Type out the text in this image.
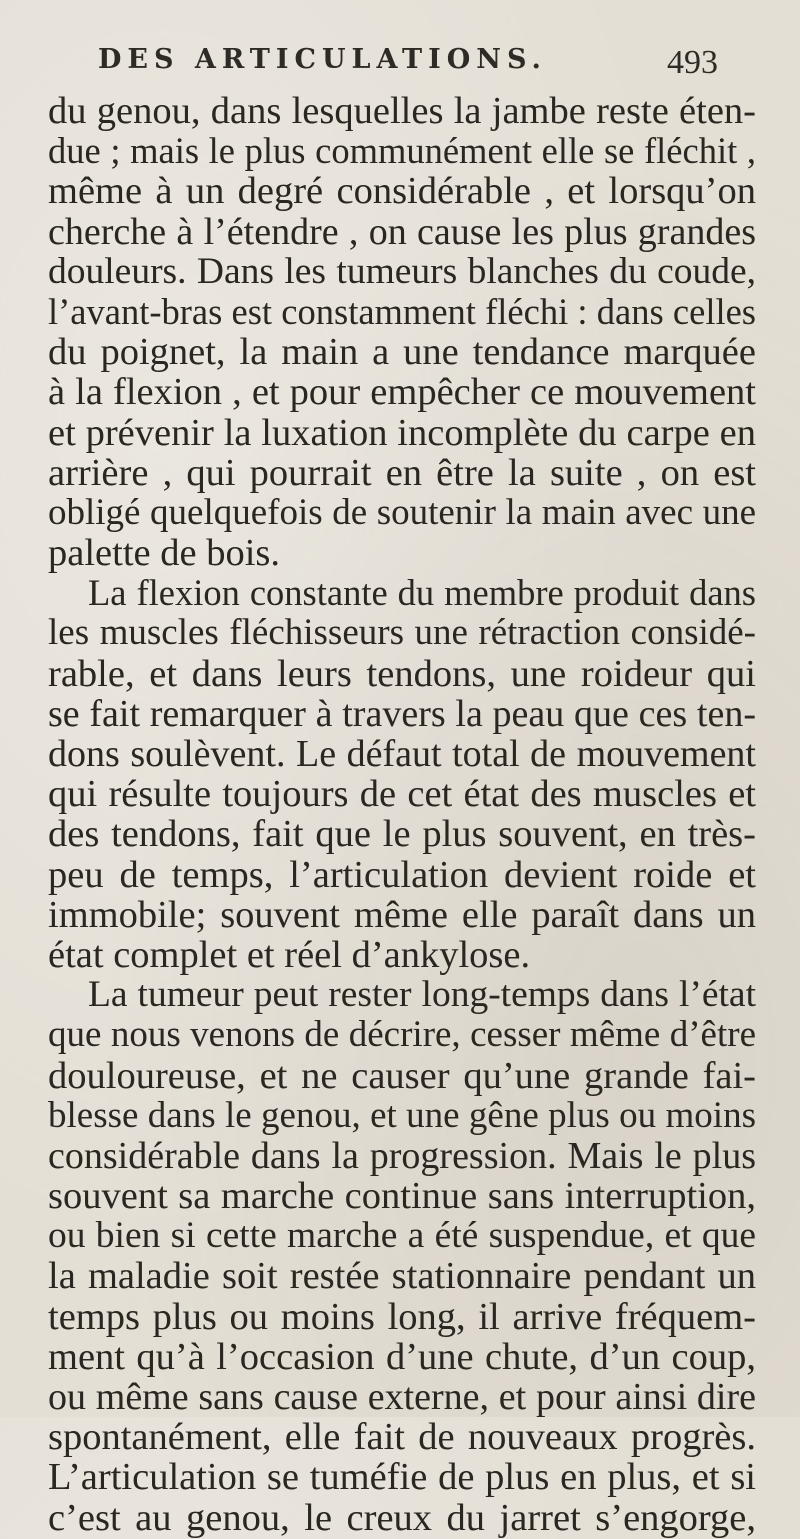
DES ARTICULATIONS.	493
du genou, dans lesquelles la jambe reste éten-
due ; mais le plus communément elle se fléchit ,
même à un degré considérable , et lorsqu’on
cherche à l’étendre , on cause les plus grandes
douleurs. Dans les tumeurs blanches du coude,
l’avant-bras est constamment fléchi : dans celles
du poignet, la main a une tendance marquée
à la flexion , et pour empêcher ce mouvement
et prévenir la luxation incomplète du carpe en
arrière , qui pourrait en être la suite , on est
obligé quelquefois de soutenir la main avec une
palette de bois.
La flexion constante du membre produit dans
les muscles fléchisseurs une rétraction considé-
rable, et dans leurs tendons, une roideur qui
se fait remarquer à travers la peau que ces ten-
dons soulèvent. Le défaut total de mouvement
qui résulte toujours de cet état des muscles et
des tendons, fait que le plus souvent, en très-
peu de temps, l’articulation devient roide et
immobile; souvent même elle paraît dans un
état complet et réel d’ankylose.
La tumeur peut rester long-temps dans l’état
que nous venons de décrire, cesser même d’être
douloureuse, et ne causer qu’une grande fai-
blesse dans le genou, et une gêne plus ou moins
considérable dans la progression. Mais le plus
souvent sa marche continue sans interruption,
ou bien si cette marche a été suspendue, et que
la maladie soit restée stationnaire pendant un
temps plus ou moins long, il arrive fréquem-
ment qu’à l’occasion d’une chute, d’un coup,
ou même sans cause externe, et pour ainsi dire
spontanément, elle fait de nouveaux progrès.
L’articulation se tuméfie de plus en plus, et si
c’est au genou, le creux du jarret s’engorge,
